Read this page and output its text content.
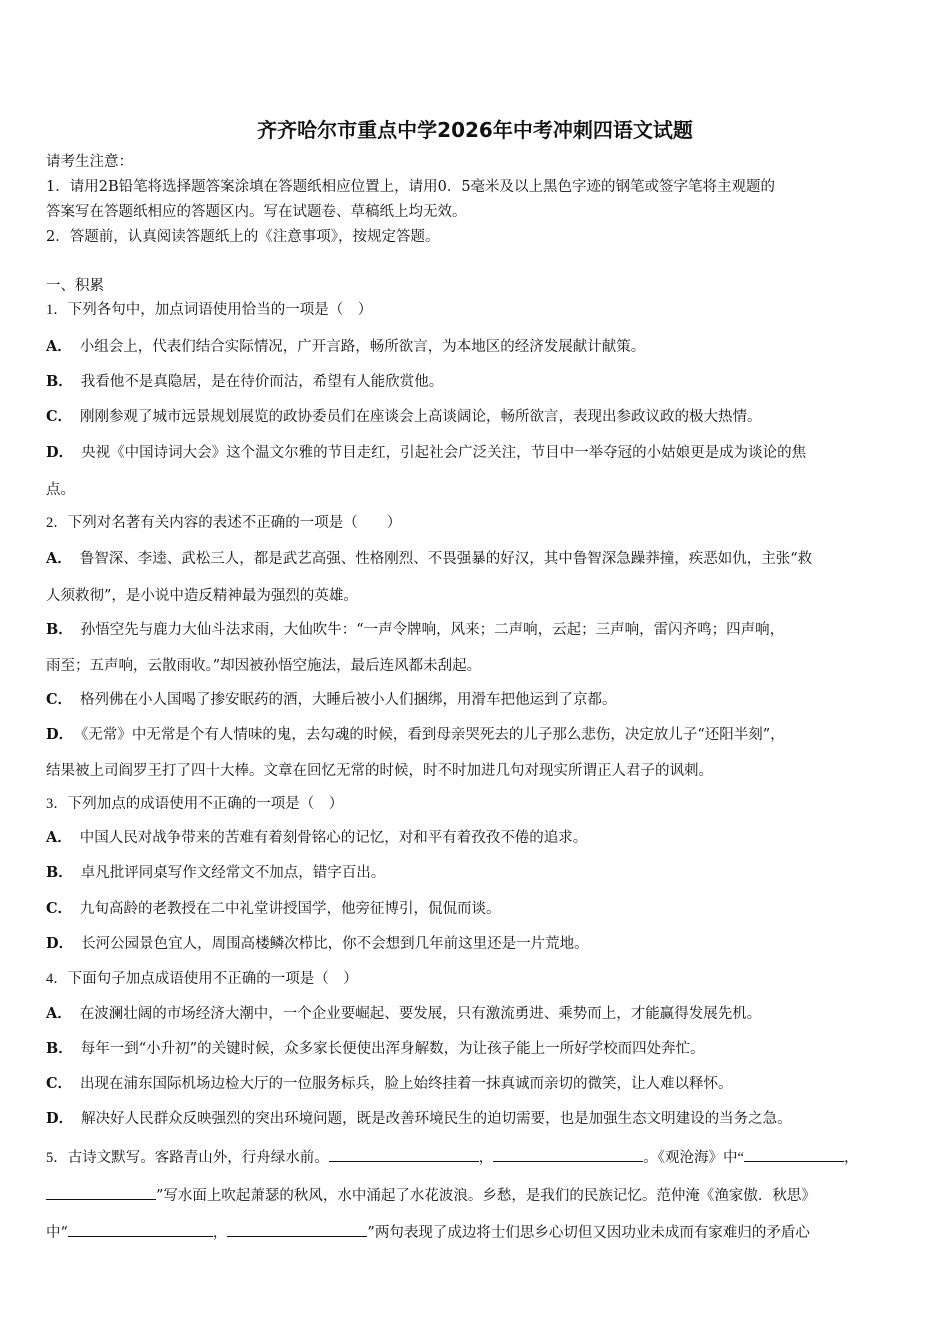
齐齐哈尔市重点中学2026年中考冲刺四语文试题
请考生注意：
1．请用2B铅笔将选择题答案涂填在答题纸相应位置上，请用0．5毫米及以上黑色字迹的钢笔或签字笔将主观题的
答案写在答题纸相应的答题区内。写在试题卷、草稿纸上均无效。
2．答题前，认真阅读答题纸上的《注意事项》，按规定答题。
一、积累
1．下列各句中，加点词语使用恰当的一项是（　）
A． 小组会上，代表们结合实际情况，广开言路，畅所欲言，为本地区的经济发展献计献策。
B． 我看他不是真隐居，是在待价而沽，希望有人能欣赏他。
C． 刚刚参观了城市远景规划展览的政协委员们在座谈会上高谈阔论，畅所欲言，表现出参政议政的极大热情。
D． 央视《中国诗词大会》这个温文尔雅的节目走红，引起社会广泛关注，节目中一举夺冠的小姑娘更是成为谈论的焦
点。
2．下列对名著有关内容的表述不正确的一项是（　　）
A． 鲁智深、李逵、武松三人，都是武艺高强、性格刚烈、不畏强暴的好汉，其中鲁智深急躁莽撞，疾恶如仇，主张“救
人须救彻”，是小说中造反精神最为强烈的英雄。
B． 孙悟空先与鹿力大仙斗法求雨，大仙吹牛：“一声令牌响，风来；二声响，云起；三声响，雷闪齐鸣；四声响，
雨至；五声响，云散雨收。”却因被孙悟空施法，最后连风都未刮起。
C． 格列佛在小人国喝了掺安眠药的酒，大睡后被小人们捆绑，用滑车把他运到了京都。
D． 《无常》中无常是个有人情味的鬼，去勾魂的时候，看到母亲哭死去的儿子那么悲伤，决定放儿子“还阳半刻”，
结果被上司阎罗王打了四十大棒。文章在回忆无常的时候，时不时加进几句对现实所谓正人君子的讽刺。
3．下列加点的成语使用不正确的一项是（　）
A． 中国人民对战争带来的苦难有着刻骨铭心的记忆，对和平有着孜孜不倦的追求。
B． 卓凡批评同桌写作文经常文不加点，错字百出。
C． 九旬高龄的老教授在二中礼堂讲授国学，他旁征博引，侃侃而谈。
D． 长河公园景色宜人，周围高楼鳞次栉比，你不会想到几年前这里还是一片荒地。
4．下面句子加点成语使用不正确的一项是（　）
A． 在波澜壮阔的市场经济大潮中，一个企业要崛起、要发展，只有激流勇进、乘势而上，才能赢得发展先机。
B． 每年一到“小升初”的关键时候，众多家长便使出浑身解数，为让孩子能上一所好学校而四处奔忙。
C． 出现在浦东国际机场边检大厅的一位服务标兵，脸上始终挂着一抹真诚而亲切的微笑，让人难以释怀。
D． 解决好人民群众反映强烈的突出环境问题，既是改善环境民生的迫切需要，也是加强生态文明建设的当务之急。
5．古诗文默写。客路青山外，行舟绿水前。	，	。《观沧海》中“	，
”写水面上吹起萧瑟的秋风，水中涌起了水花波浪。乡愁，是我们的民族记忆。范仲淹《渔家傲．秋思》
中“	，	”两句表现了成边将士们思乡心切但又因功业未成而有家难归的矛盾心
